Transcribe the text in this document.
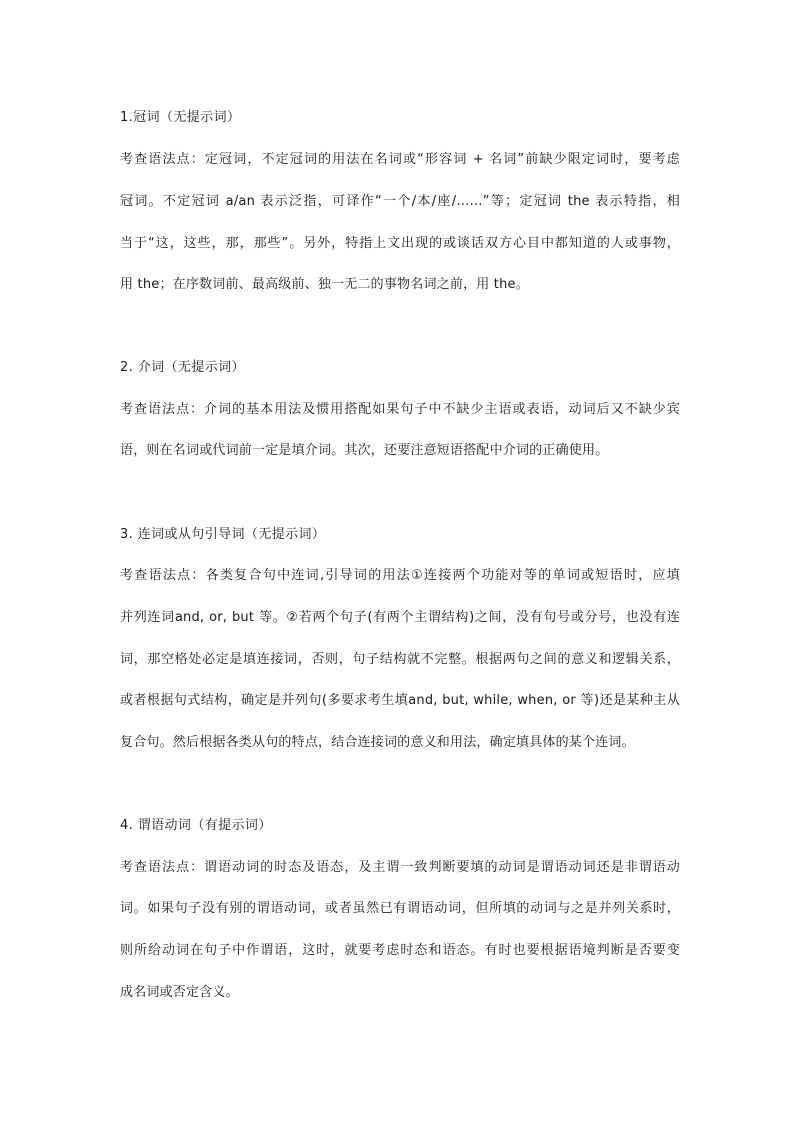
1.冠词（无提示词）
考查语法点：定冠词，不定冠词的用法在名词或“形容词 + 名词”前缺少限定词时，要考虑
冠词。不定冠词 a/an 表示泛指，可译作“一个/本/座/……”等；定冠词 the 表示特指，相
当于“这，这些，那，那些”。另外，特指上文出现的或谈话双方心目中都知道的人或事物，
用 the；在序数词前、最高级前、独一无二的事物名词之前，用 the。
2. 介词（无提示词）
考查语法点：介词的基本用法及惯用搭配如果句子中不缺少主语或表语，动词后又不缺少宾
语，则在名词或代词前一定是填介词。其次，还要注意短语搭配中介词的正确使用。
3. 连词或从句引导词（无提示词）
考查语法点：各类复合句中连词,引导词的用法①连接两个功能对等的单词或短语时，应填
并列连词and, or, but 等。②若两个句子(有两个主谓结构)之间，没有句号或分号，也没有连
词，那空格处必定是填连接词，否则，句子结构就不完整。根据两句之间的意义和逻辑关系，
或者根据句式结构，确定是并列句(多要求考生填and, but, while, when, or 等)还是某种主从
复合句。然后根据各类从句的特点，结合连接词的意义和用法，确定填具体的某个连词。
4. 谓语动词（有提示词）
考查语法点：谓语动词的时态及语态，及主谓一致判断要填的动词是谓语动词还是非谓语动
词。如果句子没有别的谓语动词，或者虽然已有谓语动词，但所填的动词与之是并列关系时，
则所给动词在句子中作谓语，这时，就要考虑时态和语态。有时也要根据语境判断是否要变
成名词或否定含义。
